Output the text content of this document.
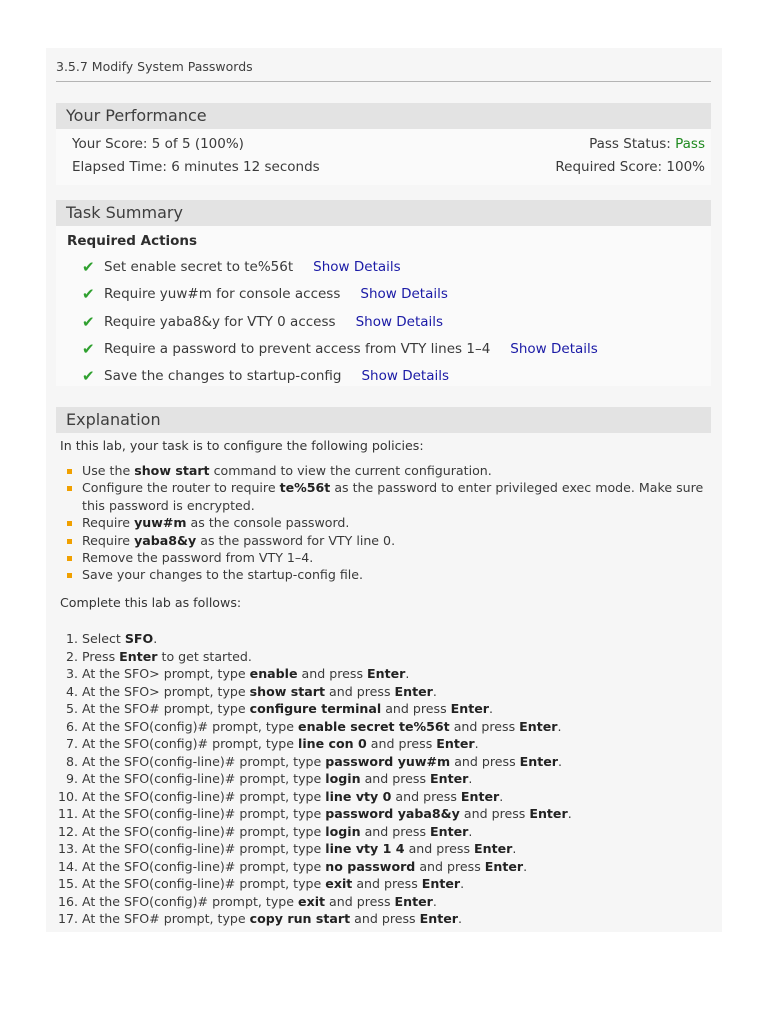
3.5.7 Modify System Passwords
Your Performance
Your Score: 5 of 5 (100%)
Elapsed Time: 6 minutes 12 seconds
Pass Status: Pass
Required Score: 100%
Task Summary
Required Actions
✔ Set enable secret to te%56t Show Details
✔ Require yuw#m for console access Show Details
✔ Require yaba8&y for VTY 0 access Show Details
✔ Require a password to prevent access from VTY lines 1–4 Show Details
✔ Save the changes to startup-config Show Details
Explanation
In this lab, your task is to configure the following policies:
Use the show start command to view the current configuration.
Configure the router to require te%56t as the password to enter privileged exec mode. Make sure this password is encrypted.
Require yuw#m as the console password.
Require yaba8&y as the password for VTY line 0.
Remove the password from VTY 1–4.
Save your changes to the startup-config file.
Complete this lab as follows:
1. Select SFO.
2. Press Enter to get started.
3. At the SFO> prompt, type enable and press Enter.
4. At the SFO> prompt, type show start and press Enter.
5. At the SFO# prompt, type configure terminal and press Enter.
6. At the SFO(config)# prompt, type enable secret te%56t and press Enter.
7. At the SFO(config)# prompt, type line con 0 and press Enter.
8. At the SFO(config-line)# prompt, type password yuw#m and press Enter.
9. At the SFO(config-line)# prompt, type login and press Enter.
10. At the SFO(config-line)# prompt, type line vty 0 and press Enter.
11. At the SFO(config-line)# prompt, type password yaba8&y and press Enter.
12. At the SFO(config-line)# prompt, type login and press Enter.
13. At the SFO(config-line)# prompt, type line vty 1 4 and press Enter.
14. At the SFO(config-line)# prompt, type no password and press Enter.
15. At the SFO(config-line)# prompt, type exit and press Enter.
16. At the SFO(config)# prompt, type exit and press Enter.
17. At the SFO# prompt, type copy run start and press Enter.
